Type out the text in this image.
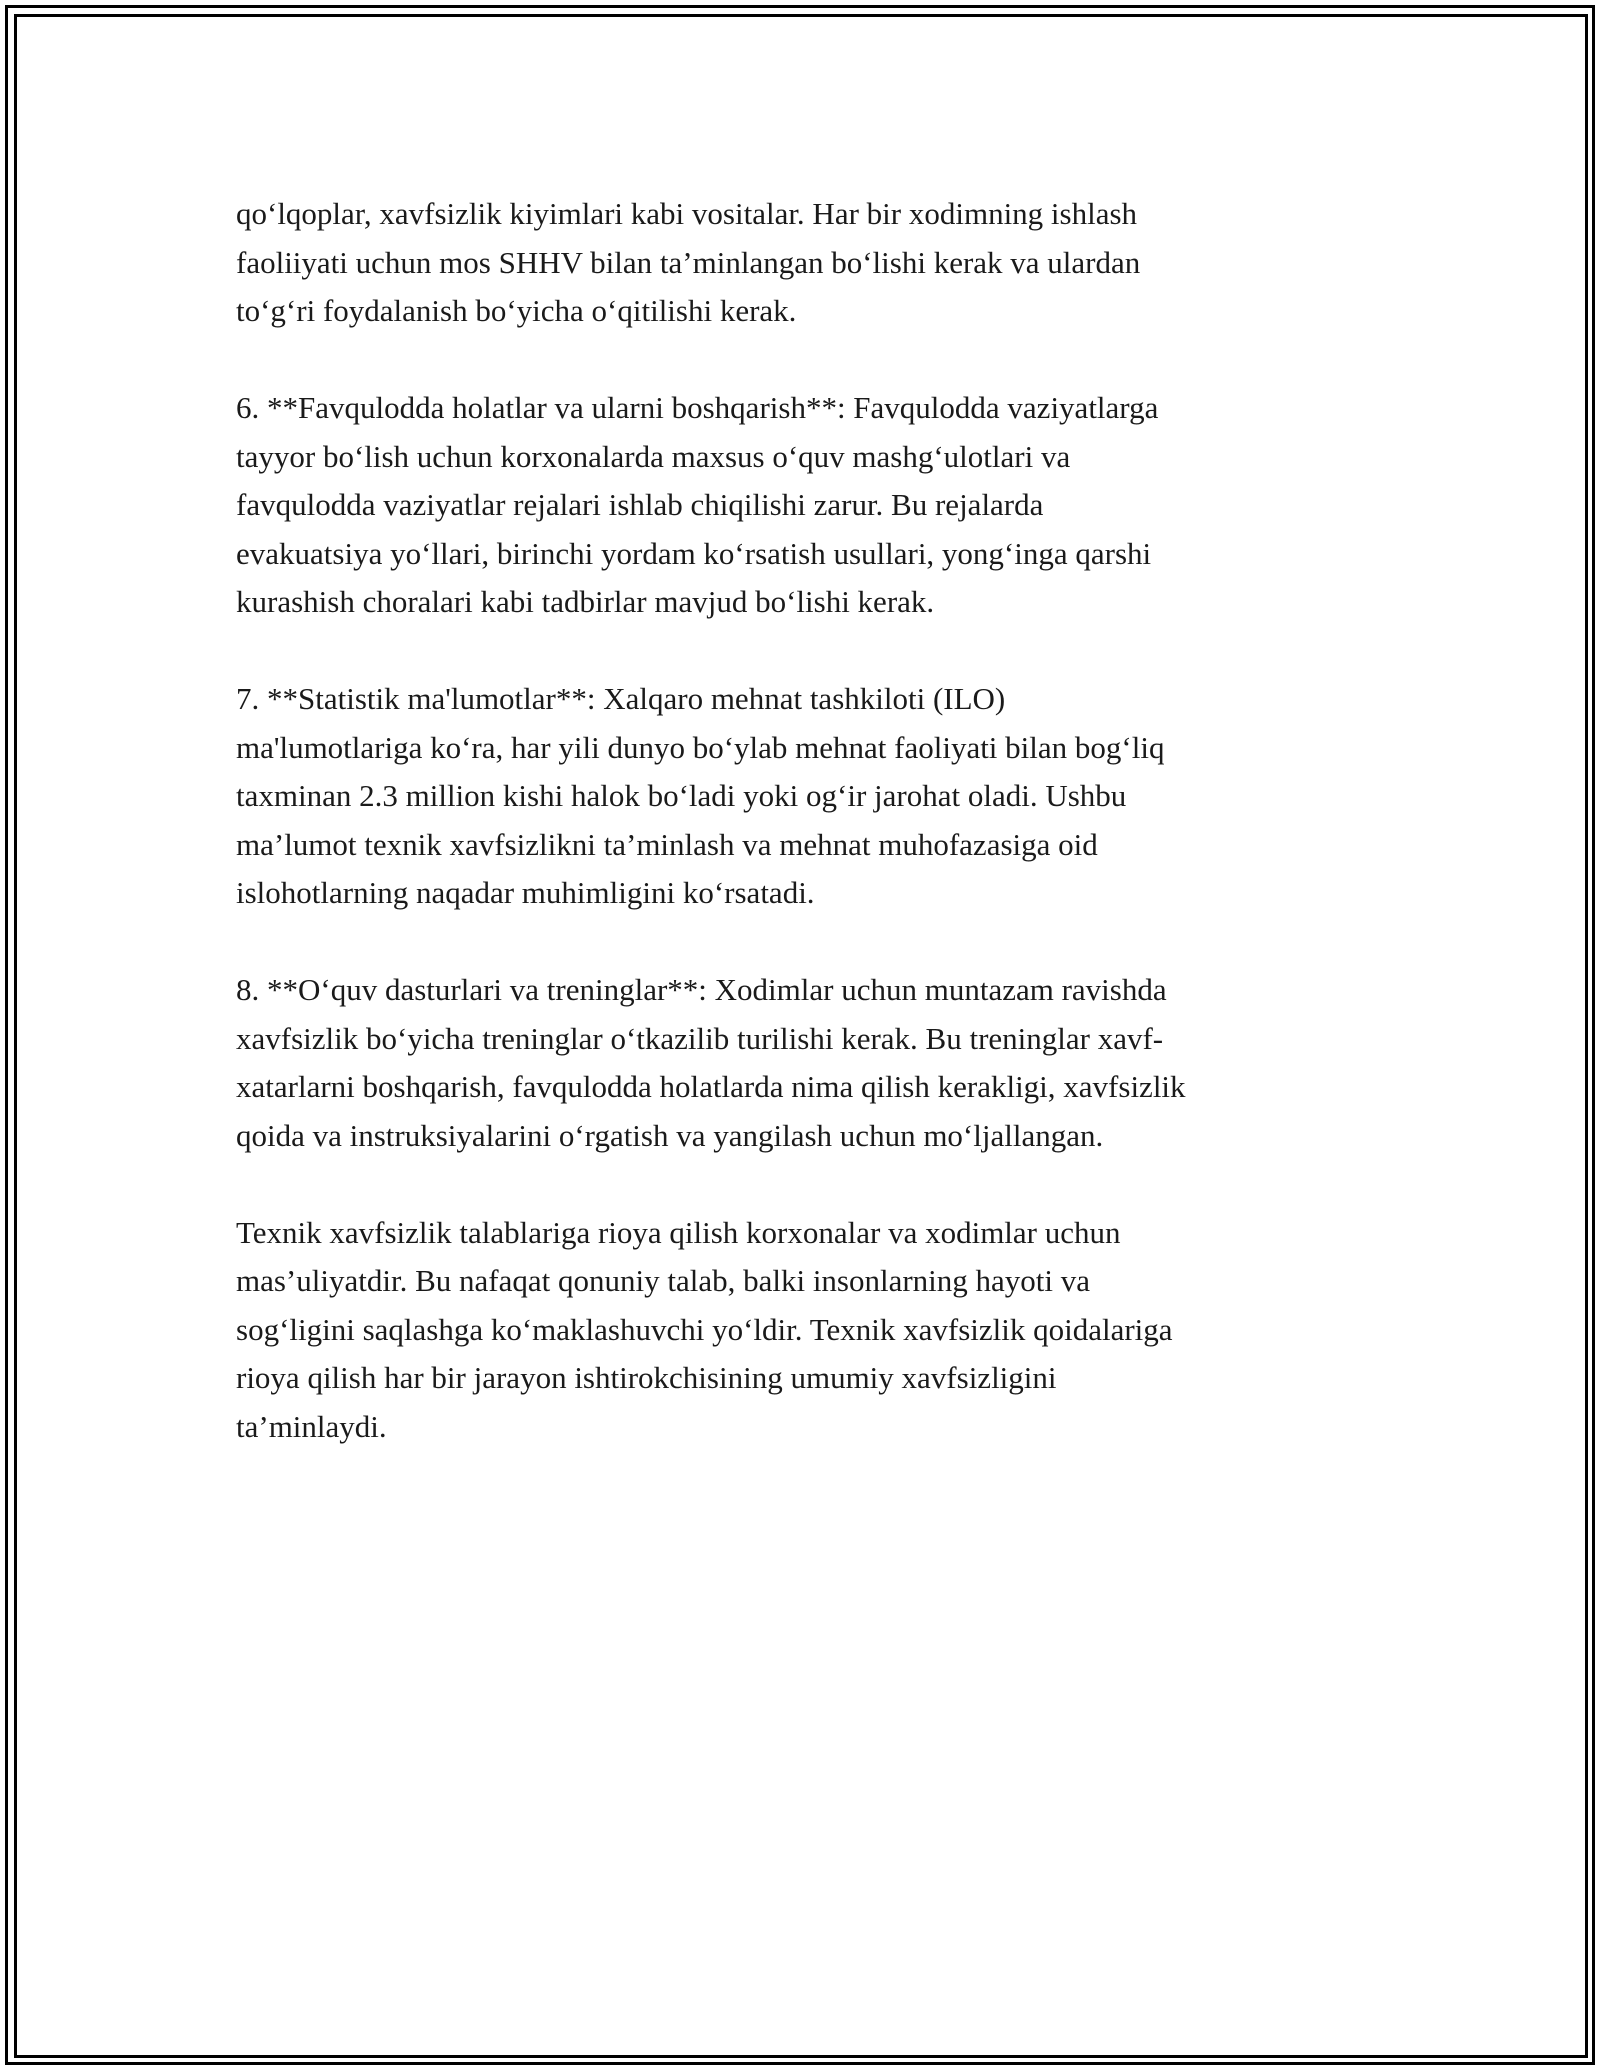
qo‘lqoplar, xavfsizlik kiyimlari kabi vositalar. Har bir xodimning ishlash
faoliiyati uchun mos SHHV bilan ta’minlangan bo‘lishi kerak va ulardan
to‘g‘ri foydalanish bo‘yicha o‘qitilishi kerak.

6. **Favqulodda holatlar va ularni boshqarish**: Favqulodda vaziyatlarga
tayyor bo‘lish uchun korxonalarda maxsus o‘quv mashg‘ulotlari va
favqulodda vaziyatlar rejalari ishlab chiqilishi zarur. Bu rejalarda
evakuatsiya yo‘llari, birinchi yordam ko‘rsatish usullari, yong‘inga qarshi
kurashish choralari kabi tadbirlar mavjud bo‘lishi kerak.

7. **Statistik ma'lumotlar**: Xalqaro mehnat tashkiloti (ILO)
ma'lumotlariga ko‘ra, har yili dunyo bo‘ylab mehnat faoliyati bilan bog‘liq
taxminan 2.3 million kishi halok bo‘ladi yoki og‘ir jarohat oladi. Ushbu
ma’lumot texnik xavfsizlikni ta’minlash va mehnat muhofazasiga oid
islohotlarning naqadar muhimligini ko‘rsatadi.

8. **O‘quv dasturlari va treninglar**: Xodimlar uchun muntazam ravishda
xavfsizlik bo‘yicha treninglar o‘tkazilib turilishi kerak. Bu treninglar xavf-
xatarlarni boshqarish, favqulodda holatlarda nima qilish kerakligi, xavfsizlik
qoida va instruksiyalarini o‘rgatish va yangilash uchun mo‘ljallangan.

Texnik xavfsizlik talablariga rioya qilish korxonalar va xodimlar uchun
mas’uliyatdir. Bu nafaqat qonuniy talab, balki insonlarning hayoti va
sog‘ligini saqlashga ko‘maklashuvchi yo‘ldir. Texnik xavfsizlik qoidalariga
rioya qilish har bir jarayon ishtirokchisining umumiy xavfsizligini
ta’minlaydi.
